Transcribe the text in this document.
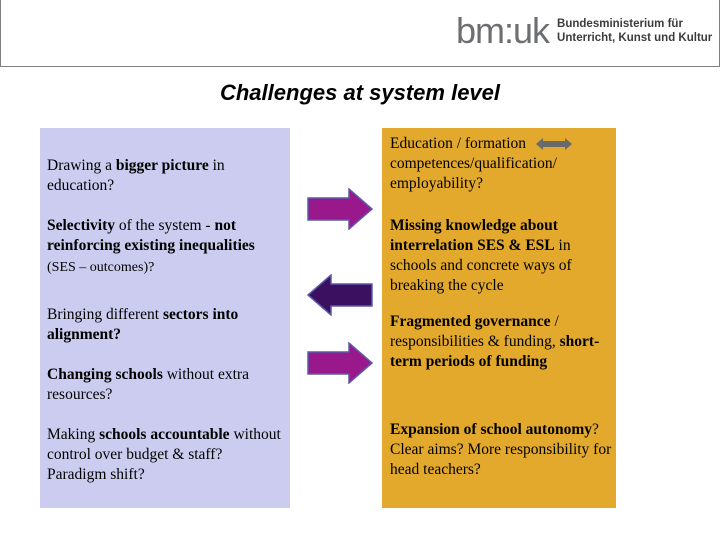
bm:uk Bundesministerium für
Unterricht, Kunst und Kultur
Challenges at system level
Drawing a bigger picture in education?
Selectivity of the system - not reinforcing existing inequalities (SES – outcomes)?
Bringing different sectors into alignment?
Changing schools without extra resources?
Making schools accountable without control over budget & staff? Paradigm shift?
Education / formation
competences/qualification/ employability?
Missing knowledge about interrelation SES & ESL in schools and concrete ways of breaking the cycle
Fragmented governance / responsibilities & funding, short-term periods of funding
Expansion of school autonomy? Clear aims? More responsibility for head teachers?
